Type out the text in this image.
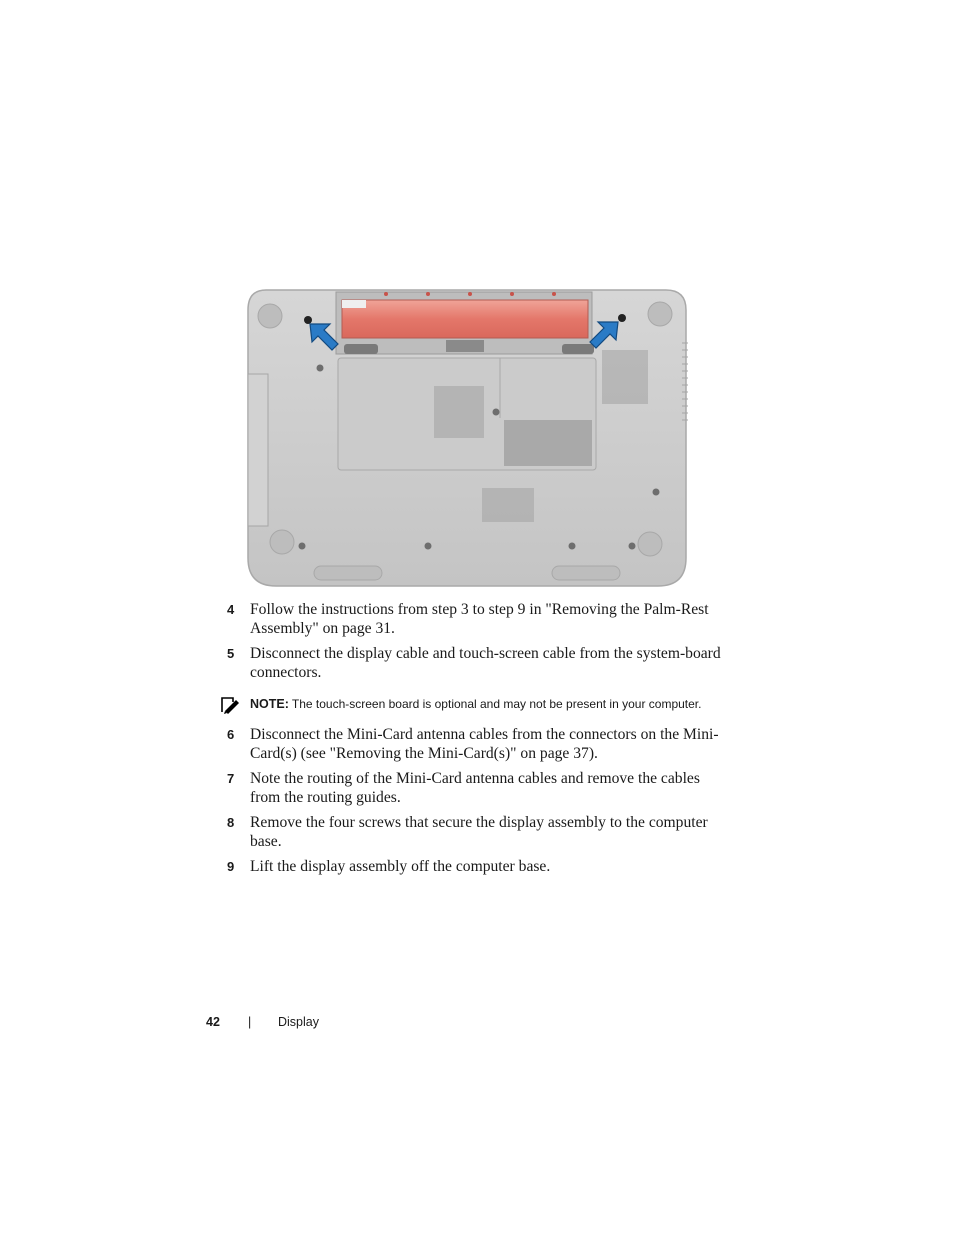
4 Follow the instructions from step 3 to step 9 in "Removing the Palm-Rest Assembly" on page 31.
5 Disconnect the display cable and touch-screen cable from the system-board connectors.
NOTE: The touch-screen board is optional and may not be present in your computer.
6 Disconnect the Mini-Card antenna cables from the connectors on the Mini-Card(s) (see "Removing the Mini-Card(s)" on page 37).
7 Note the routing of the Mini-Card antenna cables and remove the cables from the routing guides.
8 Remove the four screws that secure the display assembly to the computer base.
9 Lift the display assembly off the computer base.
42 | Display
